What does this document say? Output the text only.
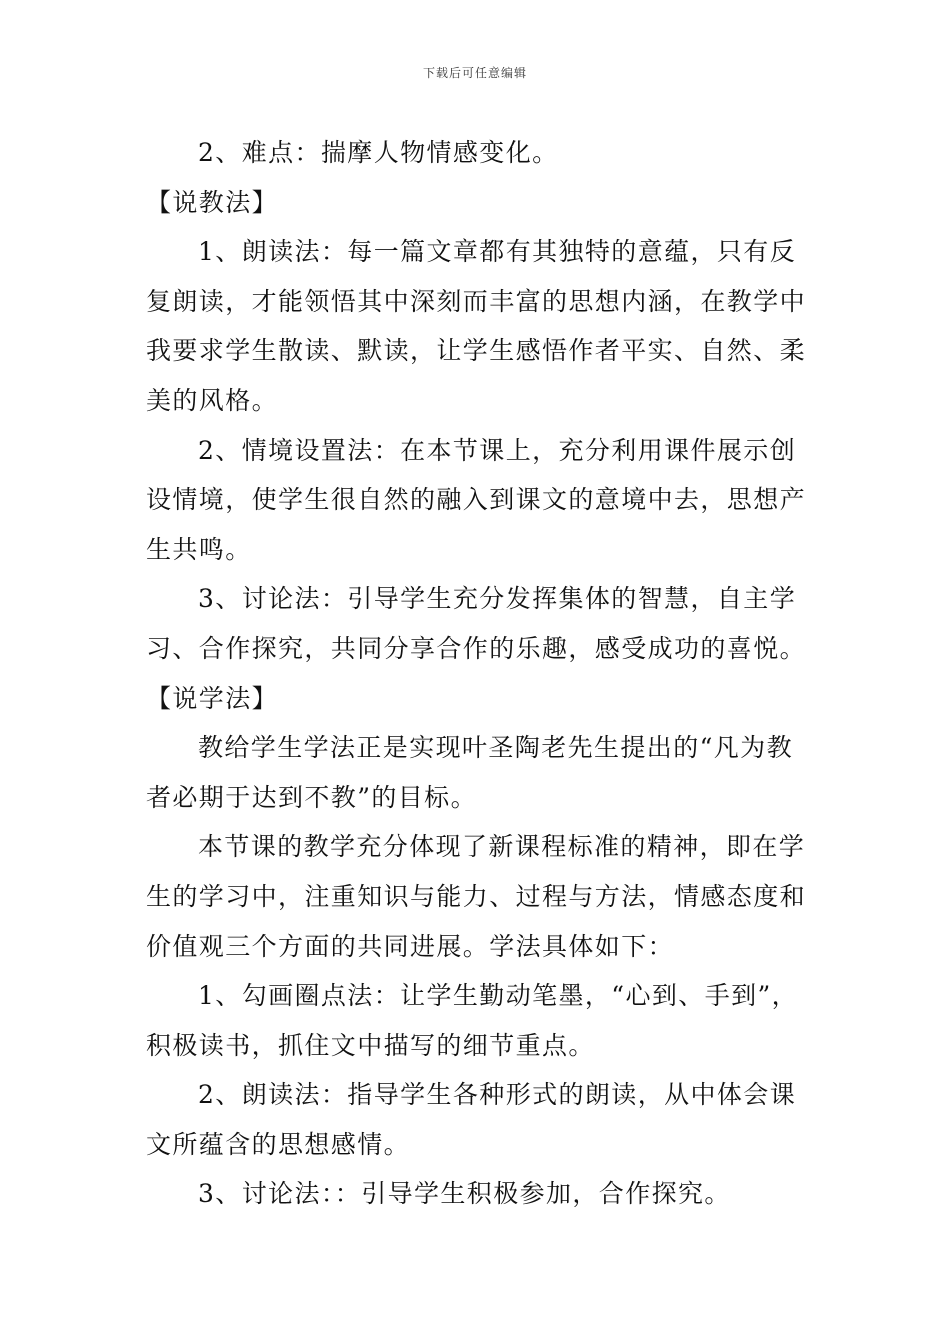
下载后可任意编辑

2、难点：揣摩人物情感变化。

【说教法】

1、朗读法：每一篇文章都有其独特的意蕴，只有反复朗读，才能领悟其中深刻而丰富的思想内涵，在教学中我要求学生散读、默读，让学生感悟作者平实、自然、柔美的风格。

2、情境设置法：在本节课上，充分利用课件展示创设情境，使学生很自然的融入到课文的意境中去，思想产生共鸣。

3、讨论法：引导学生充分发挥集体的智慧，自主学习、合作探究，共同分享合作的乐趣，感受成功的喜悦。

【说学法】

教给学生学法正是实现叶圣陶老先生提出的“凡为教者必期于达到不教”的目标。

本节课的教学充分体现了新课程标准的精神，即在学生的学习中，注重知识与能力、过程与方法，情感态度和价值观三个方面的共同进展。学法具体如下：

1、勾画圈点法：让学生勤动笔墨，“心到、手到”，积极读书，抓住文中描写的细节重点。

2、朗读法：指导学生各种形式的朗读，从中体会课文所蕴含的思想感情。

3、讨论法：：引导学生积极参加，合作探究。
